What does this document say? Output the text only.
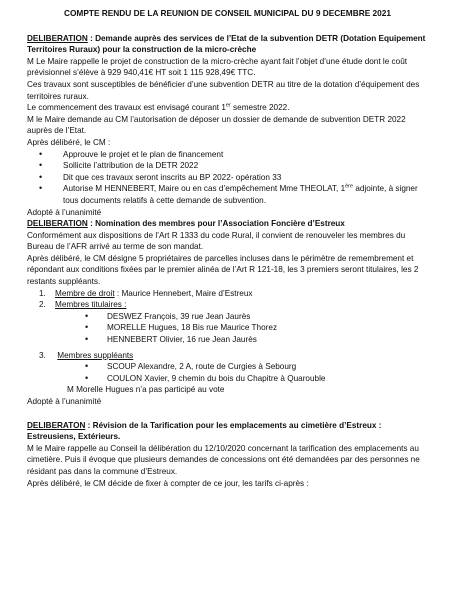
COMPTE RENDU DE LA REUNION DE CONSEIL MUNICIPAL DU 9 DECEMBRE 2021

DELIBERATION : Demande auprès des services de l’Etat de la subvention DETR (Dotation Equipement Territoires Ruraux) pour la construction de la micro-crèche

M Le Maire rappelle le projet de construction de la micro-crèche ayant fait l’objet d’une étude dont le coût prévisionnel s’élève à 929 940,41€ HT soit 1 115 928,49€ TTC.

Ces travaux sont susceptibles de bénéficier d’une subvention DETR au titre de la dotation d’équipement des territoires ruraux.

Le commencement des travaux est envisagé courant 1er semestre 2022.

M le Maire demande au CM l’autorisation de déposer un dossier de demande de subvention DETR 2022 auprès de l’Etat.

Après délibéré, le CM :

• Approuve le projet et le plan de financement
• Sollicite l’attribution de la DETR 2022
• Dit que ces travaux seront inscrits au BP 2022- opération 33
• Autorise M HENNEBERT, Maire ou en cas d’empêchement Mme THEOLAT, 1ère adjointe, à signer tous documents relatifs à cette demande de subvention.

Adopté à l’unanimité

DELIBERATION : Nomination des membres pour l’Association Foncière d’Estreux

Conformément aux dispositions de l’Art R 1333 du code Rural, il convient de renouveler les membres du Bureau de l’AFR arrivé au terme de son mandat.

Après délibéré, le CM désigne 5 propriétaires de parcelles incluses dans le périmètre de remembrement et répondant aux conditions fixées par le premier alinéa de l’Art R 121-18, les 3 premiers seront titulaires, les 2 restants suppléants.

1. Membre de droit : Maurice Hennebert, Maire d’Estreux

2. Membres titulaires :

• DESWEZ François, 39 rue Jean Jaurès
• MORELLE Hugues, 18 Bis rue Maurice Thorez
• HENNEBERT Olivier, 16 rue Jean Jaurès

3. Membres suppléants

• SCOUP Alexandre, 2 A, route de Curgies à Sebourg
• COULON Xavier, 9 chemin du bois du Chapitre à Quarouble

M Morelle Hugues n’a pas participé au vote

Adopté à l’unanimité

DELIBERATON : Révision de la Tarification pour les emplacements au cimetière d’Estreux : Estreusiens, Extérieurs.

M le Maire rappelle au Conseil la délibération du 12/10/2020 concernant la tarification des emplacements au cimetière. Puis il évoque que plusieurs demandes de concessions ont été demandées par des personnes ne résidant pas dans la commune d’Estreux.

Après délibéré, le CM décide de fixer à compter de ce jour, les tarifs ci-après :
